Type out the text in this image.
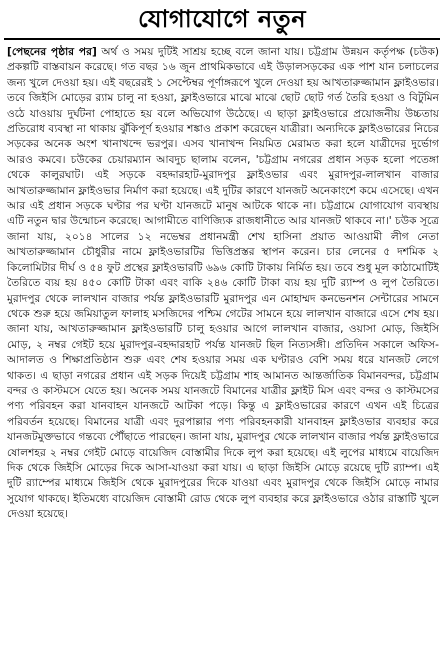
যোগাযোগে নতুন

[পেছনের পৃষ্ঠার পর] অর্থ ও সময় দুটিই সাশ্রয় হচ্ছে বলে জানা যায়। চট্টগ্রাম উন্নয়ন কর্তৃপক্ষ (চউক) প্রকল্পটি বাস্তবায়ন করেছে। গত বছর ১৬ জুন প্রাথমিকভাবে এই উড়ালসড়কের এক পাশ যান চলাচলের জন্য খুলে দেওয়া হয়। এই বছরেরই ১ সেপ্টেম্বর পূর্ণাঙ্গরূপে খুলে দেওয়া হয় আখতারুজ্জামান ফ্লাইওভার। তবে জিইসি মোড়ের র‍্যাম চালু না হওয়া, ফ্লাইওভারে মাঝে মাঝে ছোট ছোট গর্ত তৈরি হওয়া ও বিটুমিন ওঠে যাওয়ায় দুর্ঘটনা পোহাতে হয় বলে অভিযোগ উঠেছে। এ ছাড়া ফ্লাইওভারে প্রয়োজনীয় উচ্চতায় প্রতিরোধ ব্যবস্থা না থাকায় ঝুঁকিপূর্ণ হওয়ার শঙ্কাও প্রকাশ করেছেন যাত্রীরা। অন্যদিকে ফ্লাইওভারের নিচের সড়কের অনেক অংশ খানাখন্দে ভরপুর। এসব খানাখন্দ নিয়মিত মেরামত করা হলে যাত্রীদের দুর্ভোগ আরও কমবে। চউকের চেয়ারম্যান আবদুচ ছালাম বলেন, 'চট্টগ্রাম নগরের প্রধান সড়ক হলো পতেঙ্গা থেকে কালুরঘাট। এই সড়কে বহদ্দারহাট-মুরাদপুর ফ্লাইওভার এবং মুরাদপুর-লালখান বাজার আখতারুজ্জামান ফ্লাইওভার নির্মাণ করা হয়েছে। এই দুটির কারণে যানজট অনেকাংশে কমে এসেছে। এখন আর এই প্রধান সড়কে ঘণ্টার পর ঘণ্টা যানজটে মানুষ আটকে থাকে না। চট্টগ্রামে যোগাযোগ ব্যবস্থায় এটি নতুন দ্বার উন্মোচন করেছে। আগামীতে বাণিজ্যিক রাজধানীতে আর যানজট থাকবে না।' চউক সূত্রে জানা যায়, ২০১৪ সালের ১২ নভেম্বর প্রধানমন্ত্রী শেখ হাসিনা প্রয়াত আওয়ামী লীগ নেতা আখতারুজ্জামান চৌধুরীর নামে ফ্লাইওভারটির ভিত্তিপ্রস্তর স্থাপন করেন। চার লেনের ৫ দশমিক ২ কিলোমিটার দীর্ঘ ও ৫৪ ফুট প্রস্থের ফ্লাইওভারটি ৬৯৬ কোটি টাকায় নির্মিত হয়। তবে শুধু মূল কাঠামোটিই তৈরিতে ব্যয় হয় ৪৫০ কোটি টাকা এবং বাকি ২৪৬ কোটি টাকা ব্যয় হয় দুটি র‍্যাম্প ও লুপ তৈরিতে। মুরাদপুর থেকে লালখান বাজার পর্যন্ত ফ্লাইওভারটি মুরাদপুর এন মোহাম্মদ কনভেনশন সেন্টারের সামনে থেকে শুরু হয়ে জমিয়াতুল ফালাহ মসজিদের পশ্চিম গেটের সামনে হয়ে লালখান বাজারে এসে শেষ হয়। জানা যায়, আখতারুজ্জামান ফ্লাইওভারটি চালু হওয়ার আগে লালখান বাজার, ওয়াসা মোড়, জিইসি মোড়, ২ নম্বর গেইট হয়ে মুরাদপুর-বহদ্দারহাট পর্যন্ত যানজট ছিল নিত্যসঙ্গী। প্রতিদিন সকালে অফিস-আদালত ও শিক্ষাপ্রতিষ্ঠান শুরু এবং শেষ হওয়ার সময় এক ঘণ্টারও বেশি সময় ধরে যানজট লেগে থাকত। এ ছাড়া নগরের প্রধান এই সড়ক দিয়েই চট্টগ্রাম শাহ আমানত আন্তর্জাতিক বিমানবন্দর, চট্টগ্রাম বন্দর ও কাস্টমসে যেতে হয়। অনেক সময় যানজটে বিমানের যাত্রীর ফ্লাইট মিস এবং বন্দর ও কাস্টমসের পণ্য পরিবহন করা যানবাহন যানজটে আটকা পড়ে। কিন্তু এ ফ্লাইওভারের কারণে এখন এই চিত্রের পরিবর্তন হয়েছে। বিমানের যাত্রী এবং দুরপাল্লার পণ্য পরিবহনকারী যানবাহন ফ্লাইওভার ব্যবহার করে যানজটমুক্তভাবে গন্তব্যে পৌঁছাতে পারছেন। জানা যায়, মুরাদপুর থেকে লালখান বাজার পর্যন্ত ফ্লাইওভারে ষোলশহর ২ নম্বর গেইট মোড়ে বায়েজিদ বোস্তামীর দিকে লুপ করা হয়েছে। এই লুপের মাধ্যমে বায়েজিদ দিক থেকে জিইসি মোড়ের দিকে আসা-যাওয়া করা যায়। এ ছাড়া জিইসি মোড়ে রয়েছে দুটি র‍্যাম্প। এই দুটি র‍্যাম্পের মাধ্যমে জিইসি থেকে মুরাদপুরের দিকে যাওয়া এবং মুরাদপুর থেকে জিইসি মোড়ে নামার সুযোগ থাকছে। ইতিমধ্যে বায়েজিদ বোস্তামী রোড থেকে লুপ ব্যবহার করে ফ্লাইওভারে ওঠার রাস্তাটি খুলে দেওয়া হয়েছে।
